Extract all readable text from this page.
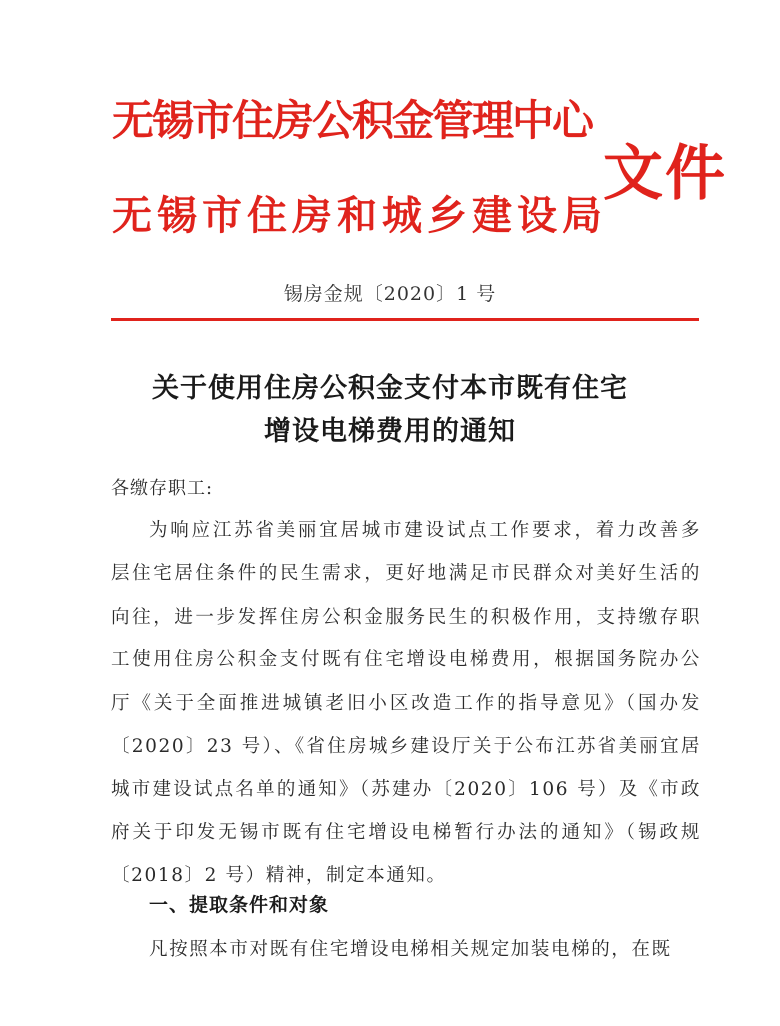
无锡市住房公积金管理中心
无锡市住房和城乡建设局
文件
锡房金规〔2020〕1 号
关于使用住房公积金支付本市既有住宅
增设电梯费用的通知
各缴存职工:
为响应江苏省美丽宜居城市建设试点工作要求，着力改善多
层住宅居住条件的民生需求，更好地满足市民群众对美好生活的
向往，进一步发挥住房公积金服务民生的积极作用，支持缴存职
工使用住房公积金支付既有住宅增设电梯费用，根据国务院办公
厅《关于全面推进城镇老旧小区改造工作的指导意见》（国办发
〔2020〕23 号）、《省住房城乡建设厅关于公布江苏省美丽宜居
城市建设试点名单的通知》（苏建办〔2020〕106 号）及《市政
府关于印发无锡市既有住宅增设电梯暂行办法的通知》（锡政规
〔2018〕2 号）精神，制定本通知。
一、提取条件和对象
凡按照本市对既有住宅增设电梯相关规定加装电梯的，在既
